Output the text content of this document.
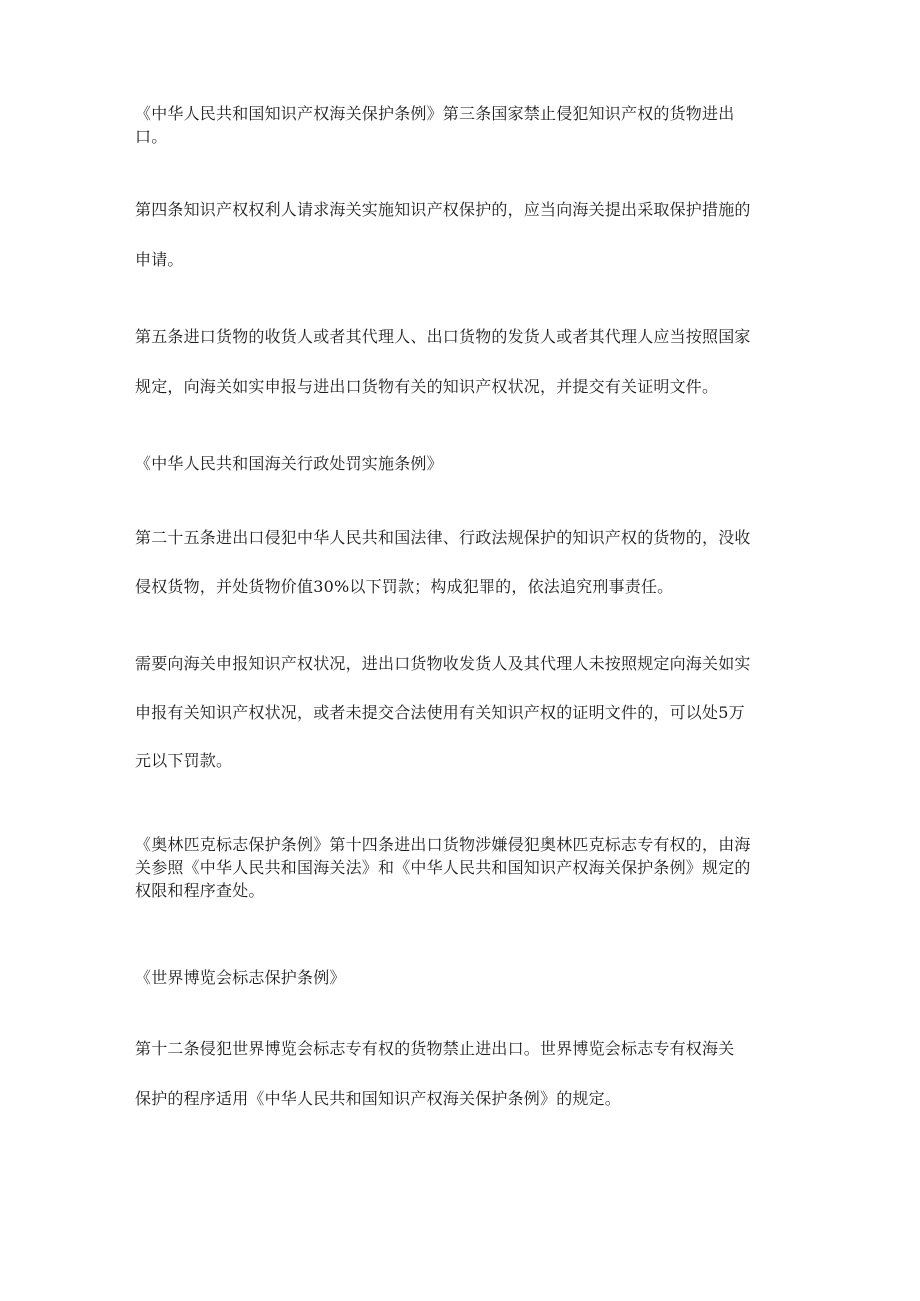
《中华人民共和国知识产权海关保护条例》第三条国家禁止侵犯知识产权的货物进出
口。
第四条知识产权权利人请求海关实施知识产权保护的，应当向海关提出采取保护措施的
申请。
第五条进口货物的收货人或者其代理人、出口货物的发货人或者其代理人应当按照国家
规定，向海关如实申报与进出口货物有关的知识产权状况，并提交有关证明文件。
《中华人民共和国海关行政处罚实施条例》
第二十五条进出口侵犯中华人民共和国法律、行政法规保护的知识产权的货物的，没收
侵权货物，并处货物价值30%以下罚款；构成犯罪的，依法追究刑事责任。
需要向海关申报知识产权状况，进出口货物收发货人及其代理人未按照规定向海关如实
申报有关知识产权状况，或者未提交合法使用有关知识产权的证明文件的，可以处5万
元以下罚款。
《奥林匹克标志保护条例》第十四条进出口货物涉嫌侵犯奥林匹克标志专有权的，由海
关参照《中华人民共和国海关法》和《中华人民共和国知识产权海关保护条例》规定的
权限和程序查处。
《世界博览会标志保护条例》
第十二条侵犯世界博览会标志专有权的货物禁止进出口。世界博览会标志专有权海关
保护的程序适用《中华人民共和国知识产权海关保护条例》的规定。
